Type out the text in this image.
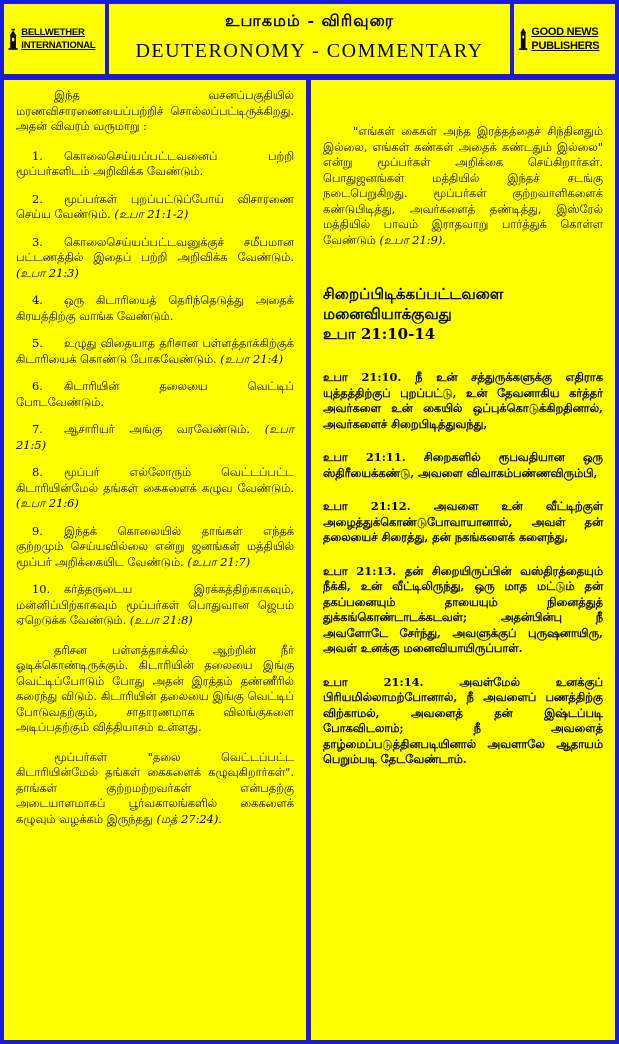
BELLWETHER INTERNATIONAL
உபாகமம் - விரிவுரை
DEUTERONOMY - COMMENTARY
GOOD NEWS PUBLISHERS

இந்த வசனப்பகுதியில் மரணவிசாரணையைப்பற்றிச் சொல்லப்பட்டிருக்கிறது. அதன் விவரம் வருமாறு :

1. கொலைசெய்யப்பட்டவனைப் பற்றி மூப்பர்களிடம் அறிவிக்க வேண்டும்.
2. மூப்பர்கள் புறப்பட்டுப்போய் விசாரணை செய்ய வேண்டும். (உபா 21:1-2)
3. கொலைசெய்யப்பட்டவனுக்குச் சமீபமான பட்டணத்தில் இதைப் பற்றி அறிவிக்க வேண்டும். (உபா 21:3)
4. ஒரு கிடாரியைத் தெரிந்தெடுத்து அதைக் கிரயத்திற்கு வாங்க வேண்டும்.
5. உழுது விதையாத தரிசான பள்ளத்தாக்கிற்குக் கிடாரியைக் கொண்டு போகவேண்டும். (உபா 21:4)
6. கிடாரியின் தலையை வெட்டிப் போடவேண்டும்.
7. ஆசாரியர் அங்கு வரவேண்டும். (உபா 21:5)
8. மூப்பர் எல்லோரும் வெட்டப்பட்ட கிடாரியின்மேல் தங்கள் கைகளைக் கழுவ வேண்டும். (உபா 21:6)
9. இந்தக் கொலையில் தாங்கள் எந்தக் குற்றமும் செய்யவில்லை என்று ஜனங்கள் மத்தியில் மூப்பர் அறிக்கையிட வேண்டும். (உபா 21:7)
10. கர்த்தருடைய இரக்கத்திற்காகவும், மன்னிப்பிற்காகவும் மூப்பர்கள் பொதுவான ஜெபம் ஏறெடுக்க வேண்டும். (உபா 21:8)

தரிசன பள்ளத்தாக்கில் ஆற்றின் நீர் ஓடிக்கொண்டிருக்கும். கிடாரியின் தலையை இங்கு வெட்டிப்போடும் போது அதன் இரத்தம் தண்ணீரில் கரைந்து விடும். கிடாரியின் தலையை இங்கு வெட்டிப் போடுவதற்கும், சாதாரணமாக விலங்குகளை அடிப்பதற்கும் வித்தியாசம் உள்ளது.

மூப்பர்கள் "தலை வெட்டப்பட்ட கிடாரியின்மேல் தங்கள் கைகளைக் கழுவுகிறார்கள்". தாங்கள் குற்றமற்றவர்கள் என்பதற்கு அடையாளமாகப் பூர்வகாலங்களில் கைகளைக் கழுவும் வழக்கம் இருந்தது (மத் 27:24).

"எங்கள் கைகள் அந்த இரத்தத்தைச் சிந்தினதும் இல்லை, எங்கள் கண்கள் அதைக் கண்டதும் இல்லை" என்று மூப்பர்கள் அறிக்கை செய்கிறார்கள். பொதுஜனங்கள் மத்தியில் இந்தச் சடங்கு நடைபெறுகிறது. மூப்பர்கள் குற்றவாளிகளைக் கண்டுபிடித்து, அவர்களைத் தண்டித்து, இஸ்ரேல் மத்தியில் பாவம் இராதவாறு பார்த்துக் கொள்ள வேண்டும் (உபா 21:9).

சிறைப்பிடிக்கப்பட்டவளை
மனைவியாக்குவது
உபா 21:10-14

உபா 21:10. நீ உன் சத்துருக்களுக்கு எதிராக யுத்தத்திற்குப் புறப்பட்டு, உன் தேவனாகிய கர்த்தர் அவர்களை உன் கையில் ஒப்புக்கொடுக்கிறதினால், அவர்களைச் சிறைபிடித்துவந்து,

உபா 21:11. சிறைகளில் ரூபவதியான ஒரு ஸ்திரீயைக்கண்டு, அவளை விவாகம்பண்ணவிரும்பி,

உபா 21:12. அவளை உன் வீட்டிற்குள் அழைத்துக்கொண்டுபோவாயானால், அவள் தன் தலையைச் சிரைத்து, தன் நகங்களைக் களைந்து,

உபா 21:13. தன் சிறையிருப்பின் வஸ்திரத்தையும் நீக்கி, உன் வீட்டிலிருந்து, ஒரு மாத மட்டும் தன் தகப்பனையும் தாயையும் நினைத்துத் துக்கங்கொண்டாடக்கடவள்; அதன்பின்பு நீ அவளோடே சேர்ந்து, அவளுக்குப் புருஷனாயிரு, அவள் உனக்கு மனைவியாயிருப்பாள்.

உபா 21:14. அவள்மேல் உனக்குப் பிரியமில்லாமற்போனால், நீ அவளைப் பணத்திற்கு விற்காமல், அவளைத் தன் இஷ்டப்படி போகவிடலாம்; நீ அவளைத் தாழ்மைப்படுத்தினபடியினால் அவளாலே ஆதாயம் பெறும்படி தேடவேண்டாம்.
